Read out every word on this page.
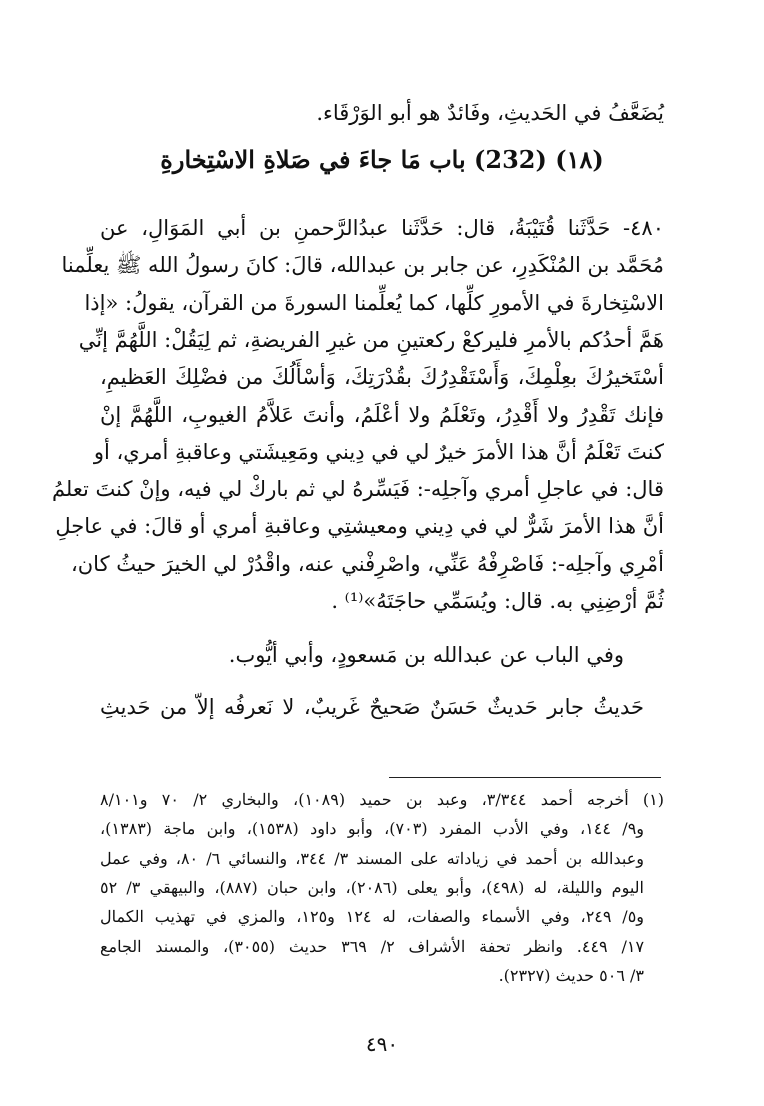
يُضَعَّفُ في الحَديثِ، وفَائدٌ هو أبو الوَرْقَاء.
(١٨) (232) باب مَا جاءَ في صَلاةِ الاسْتِخارةِ
٤٨٠- حَدَّثَنا قُتَيْبَةُ، قال: حَدَّثَنا عبدُالرَّحمنِ بن أبي المَوَالِ، عن
مُحَمَّد بن المُنْكَدِرِ، عن جابر بن عبدالله، قالَ: كانَ رسولُ الله ﷺ يعلِّمنا
الاسْتِخارةَ في الأمورِ كلِّها، كما يُعلِّمنا السورةَ من القرآن، يقولُ: «إذا
هَمَّ أحدُكم بالأمرِ فليركعْ ركعتينِ من غيرِ الفريضةِ، ثم لِيَقُلْ: اللَّهُمَّ إنِّي
أسْتَخيرُكَ بعِلْمِكَ، وَأَسْتَقْدِرُكَ بقُدْرَتِكَ، وَأسْأَلُكَ من فضْلِكَ العَظيمِ،
فإنك تَقْدِرُ ولا أَقْدِرُ، وتَعْلَمُ ولا أعْلَمُ، وأنتَ عَلاَّمُ الغيوبِ، اللَّهُمَّ إنْ
كنتَ تَعْلَمُ أنَّ هذا الأمرَ خيرٌ لي في دِيني ومَعِيشَتي وعاقبةِ أمري، أو
قال: في عاجلِ أمري وآجلِه-: فَيَسِّرهُ لي ثم باركْ لي فيه، وإنْ كنتَ تعلمُ
أنَّ هذا الأمرَ شَرٌّ لي في دِيني ومعيشتِي وعاقبةِ أمري أو قالَ: في عاجلِ
أمْرِي وآجلِه-: فَاصْرِفْهُ عَنِّي، واصْرِفْني عنه، واقْدُرْ لي الخيرَ حيثُ كان،
ثُمَّ أرْضِنِي به. قال: ويُسَمِّي حاجَتَهُ»⁽¹⁾ .
وفي الباب عن عبدالله بن مَسعودٍ، وأبي أيُّوب.
حَديثُ جابر حَديثٌ حَسَنٌ صَحيحٌ غَريبٌ، لا نَعرفُه إلاّ من حَديثِ
(١) أخرجه أحمد ٣/٣٤٤، وعبد بن حميد (١٠٨٩)، والبخاري ٢/ ٧٠ و٨/١٠١
و٩/ ١٤٤، وفي الأدب المفرد (٧٠٣)، وأبو داود (١٥٣٨)، وابن ماجة (١٣٨٣)،
وعبدالله بن أحمد في زياداته على المسند ٣/ ٣٤٤، والنسائي ٦/ ٨٠، وفي عمل
اليوم والليلة، له (٤٩٨)، وأبو يعلى (٢٠٨٦)، وابن حبان (٨٨٧)، والبيهقي ٣/ ٥٢
و٥/ ٢٤٩، وفي الأسماء والصفات، له ١٢٤ و١٢٥، والمزي في تهذيب الكمال
١٧/ ٤٤٩. وانظر تحفة الأشراف ٢/ ٣٦٩ حديث (٣٠٥٥)، والمسند الجامع
٣/ ٥٠٦ حديث (٢٣٢٧).
٤٩٠
